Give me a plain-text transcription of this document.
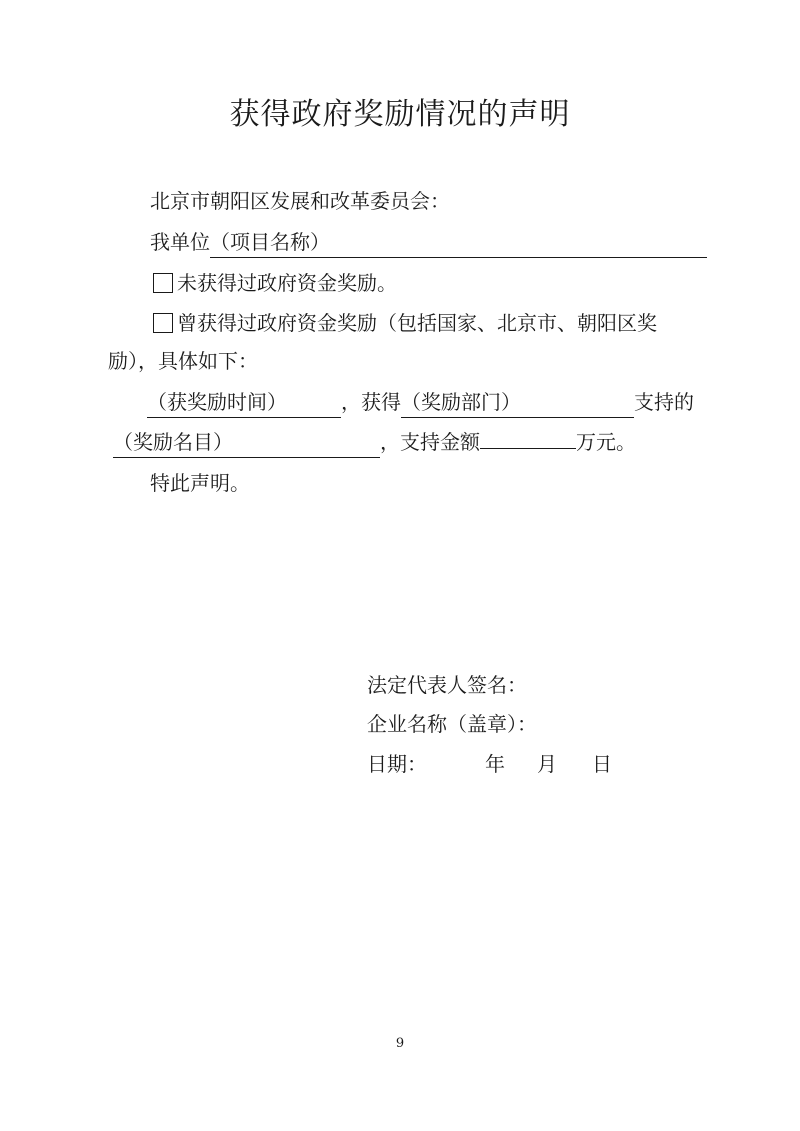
获得政府奖励情况的声明
北京市朝阳区发展和改革委员会：
我单位（项目名称）
未获得过政府资金奖励。
曾获得过政府资金奖励（包括国家、北京市、朝阳区奖
励），具体如下：
（获奖励时间）	，获得（奖励部门）	支持的
（奖励名目）	，支持金额	万元。
特此声明。
法定代表人签名：
企业名称（盖章）：
日期：	年 月 日
9
